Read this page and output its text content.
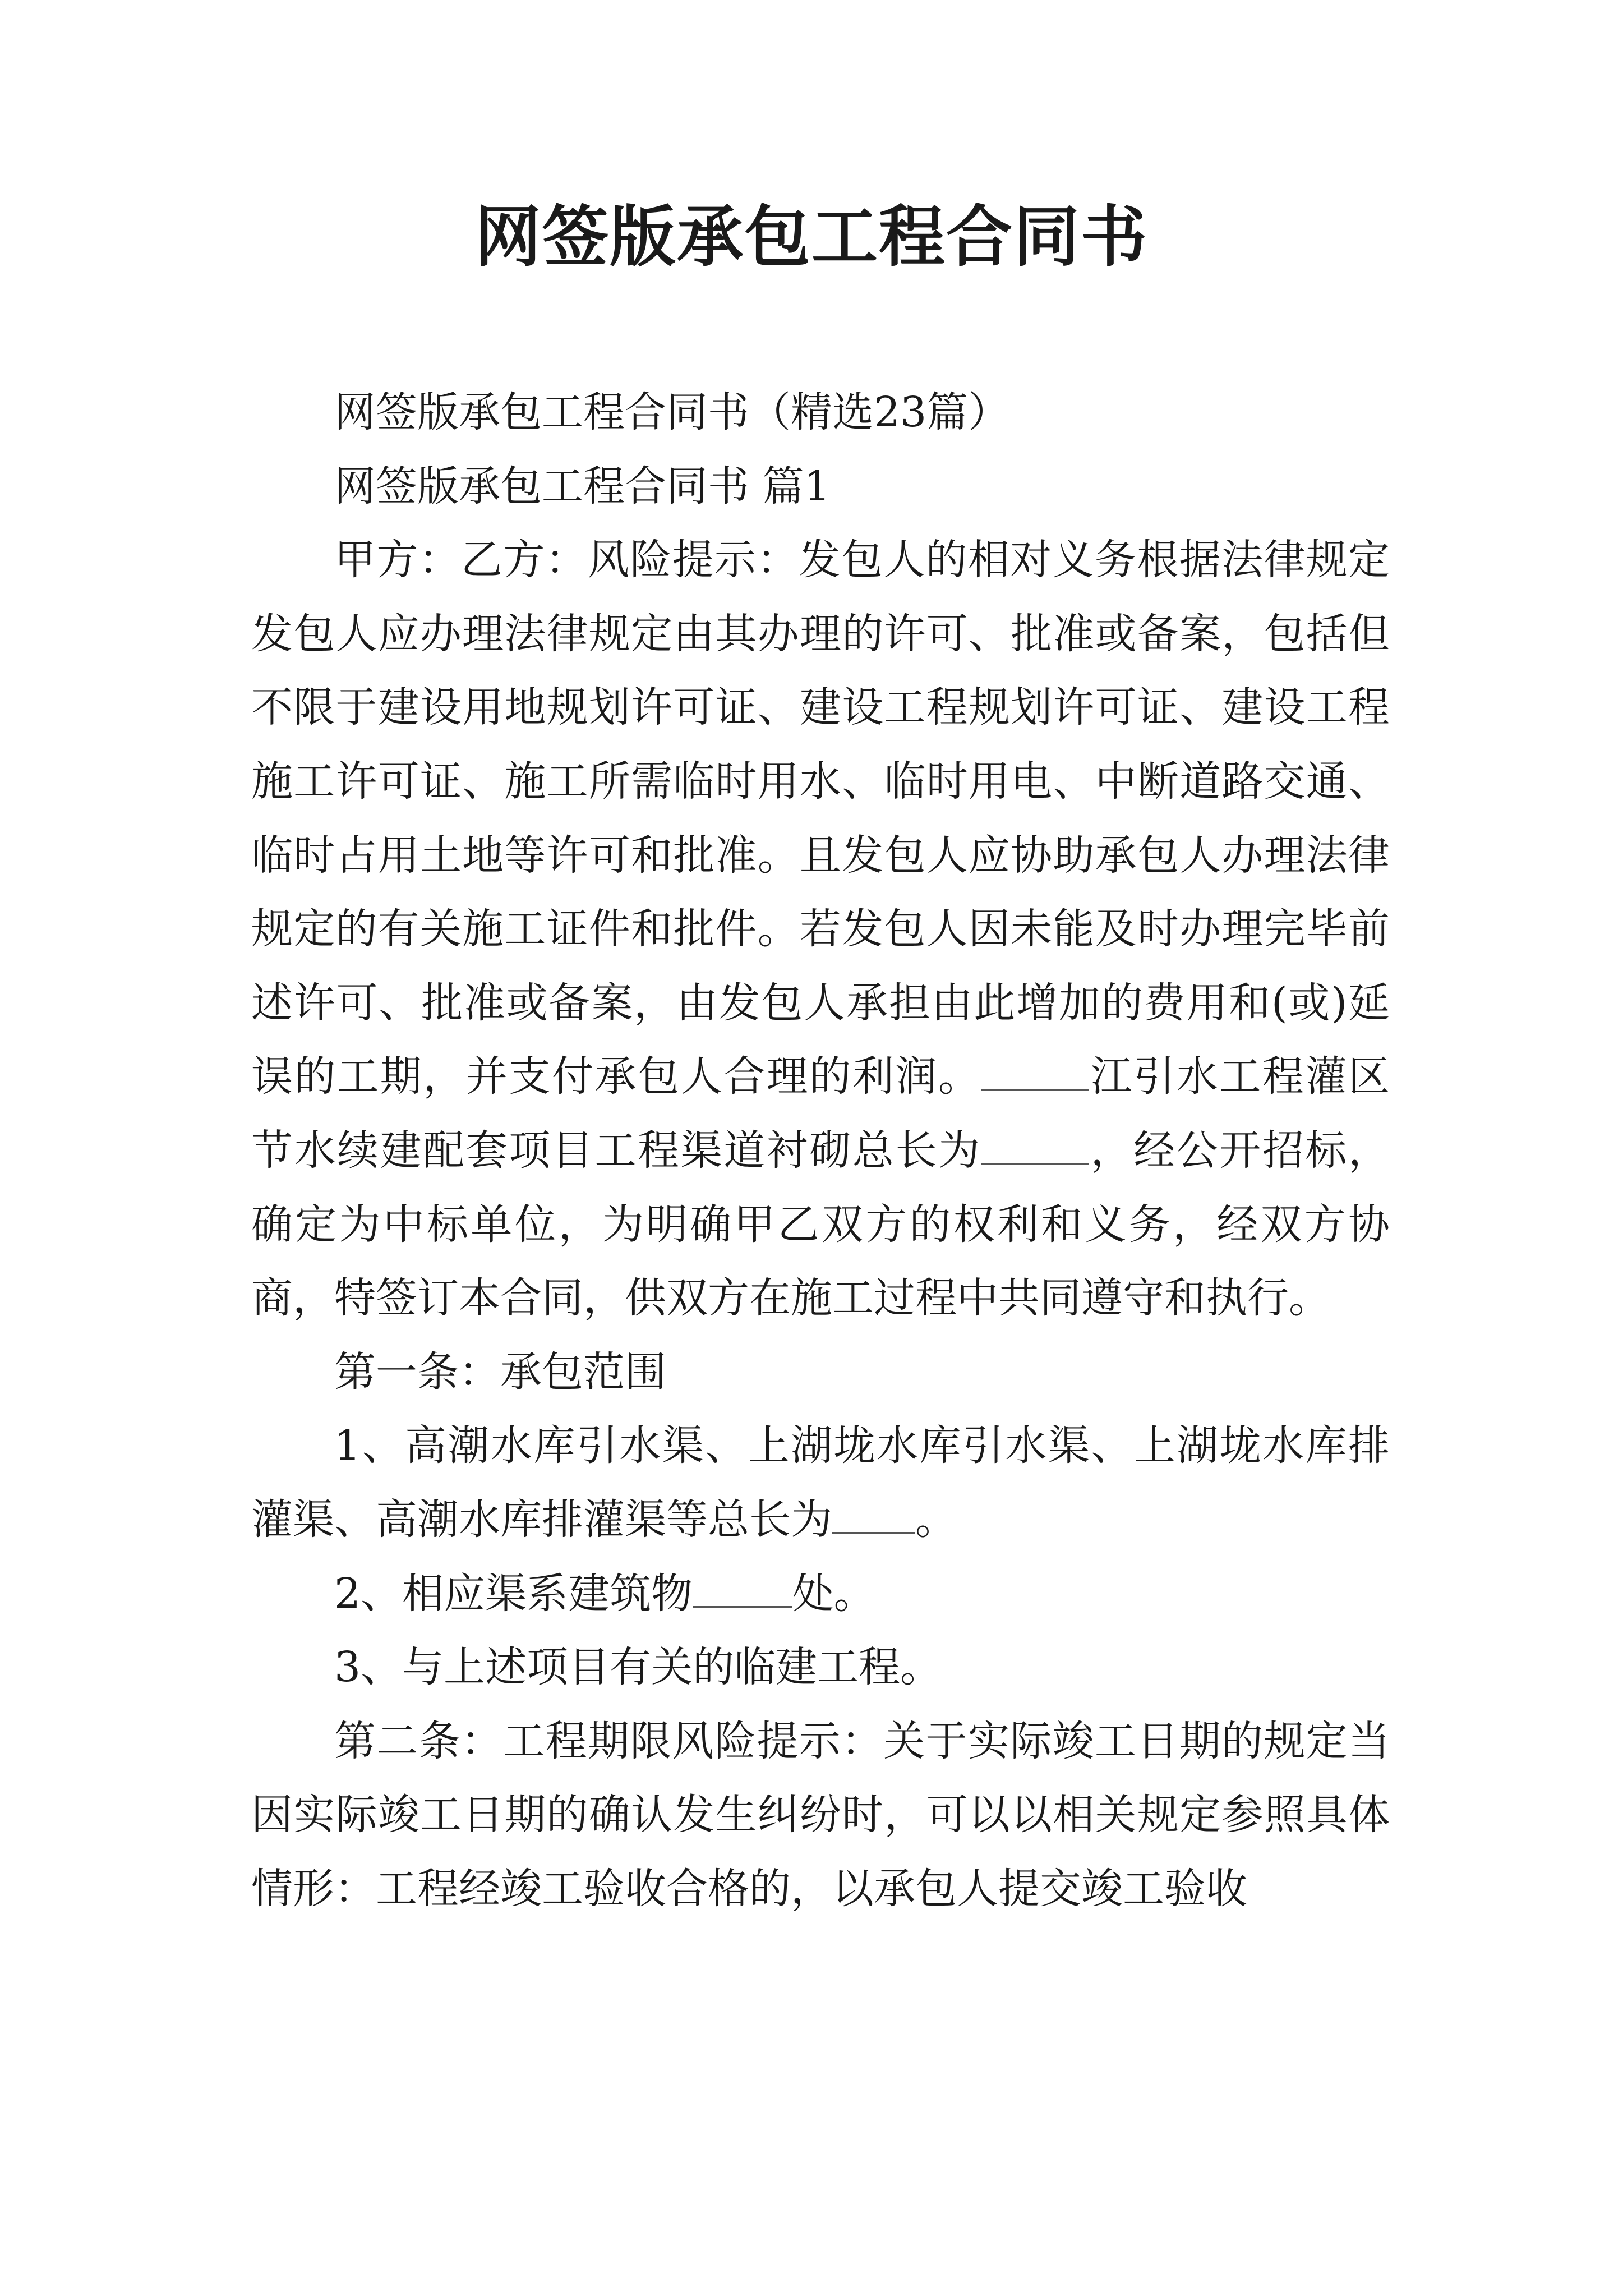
网签版承包工程合同书

网签版承包工程合同书（精选23篇）

网签版承包工程合同书 篇1

甲方：乙方：风险提示：发包人的相对义务根据法律规定发包人应办理法律规定由其办理的许可、批准或备案，包括但不限于建设用地规划许可证、建设工程规划许可证、建设工程施工许可证、施工所需临时用水、临时用电、中断道路交通、临时占用土地等许可和批准。且发包人应协助承包人办理法律规定的有关施工证件和批件。若发包人因未能及时办理完毕前述许可、批准或备案，由发包人承担由此增加的费用和(或)延误的工期，并支付承包人合理的利润。	江引水工程灌区节水续建配套项目工程渠道衬砌总长为	，经公开招标，确定为中标单位，为明确甲乙双方的权利和义务，经双方协商，特签订本合同，供双方在施工过程中共同遵守和执行。

第一条：承包范围

1、高潮水库引水渠、上湖垅水库引水渠、上湖垅水库排灌渠、高潮水库排灌渠等总长为 。

2、相应渠系建筑物 处。

3、与上述项目有关的临建工程。

第二条：工程期限风险提示：关于实际竣工日期的规定当因实际竣工日期的确认发生纠纷时，可以以相关规定参照具体情形：工程经竣工验收合格的，以承包人提交竣工验收
